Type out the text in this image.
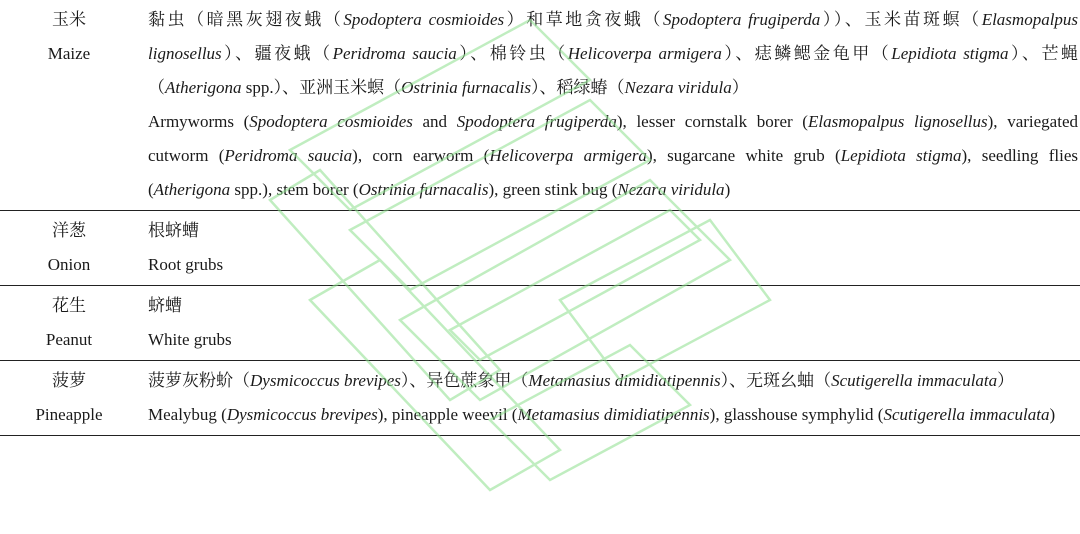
玉米
Maize	黏虫（暗黑灰翅夜蛾（Spodoptera cosmioides）和草地贪夜蛾（Spodoptera frugiperda））、玉米苗斑螟（Elasmopalpus lignosellus）、疆夜蛾（Peridroma saucia）、棉铃虫（Helicoverpa armigera）、痣鳞鳃金龟甲（Lepidiota stigma）、芒蝇（Atherigona spp.）、亚洲玉米螟（Ostrinia furnacalis）、稻绿蝽（Nezara viridula）
Armyworms (Spodoptera cosmioides and Spodoptera frugiperda), lesser cornstalk borer (Elasmopalpus lignosellus), variegated cutworm (Peridroma saucia), corn earworm (Helicoverpa armigera), sugarcane white grub (Lepidiota stigma), seedling flies (Atherigona spp.), stem borer (Ostrinia furnacalis), green stink bug (Nezara viridula)

洋葱
Onion	根蛴螬
Root grubs

花生
Peanut	蛴螬
White grubs

菠萝
Pineapple	菠萝灰粉蚧（Dysmicoccus brevipes）、异色蔗象甲（Metamasius dimidiatipennis）、无斑幺蚰（Scutigerella immaculata）
Mealybug (Dysmicoccus brevipes), pineapple weevil (Metamasius dimidiatipennis), glasshouse symphylid (Scutigerella immaculata)
